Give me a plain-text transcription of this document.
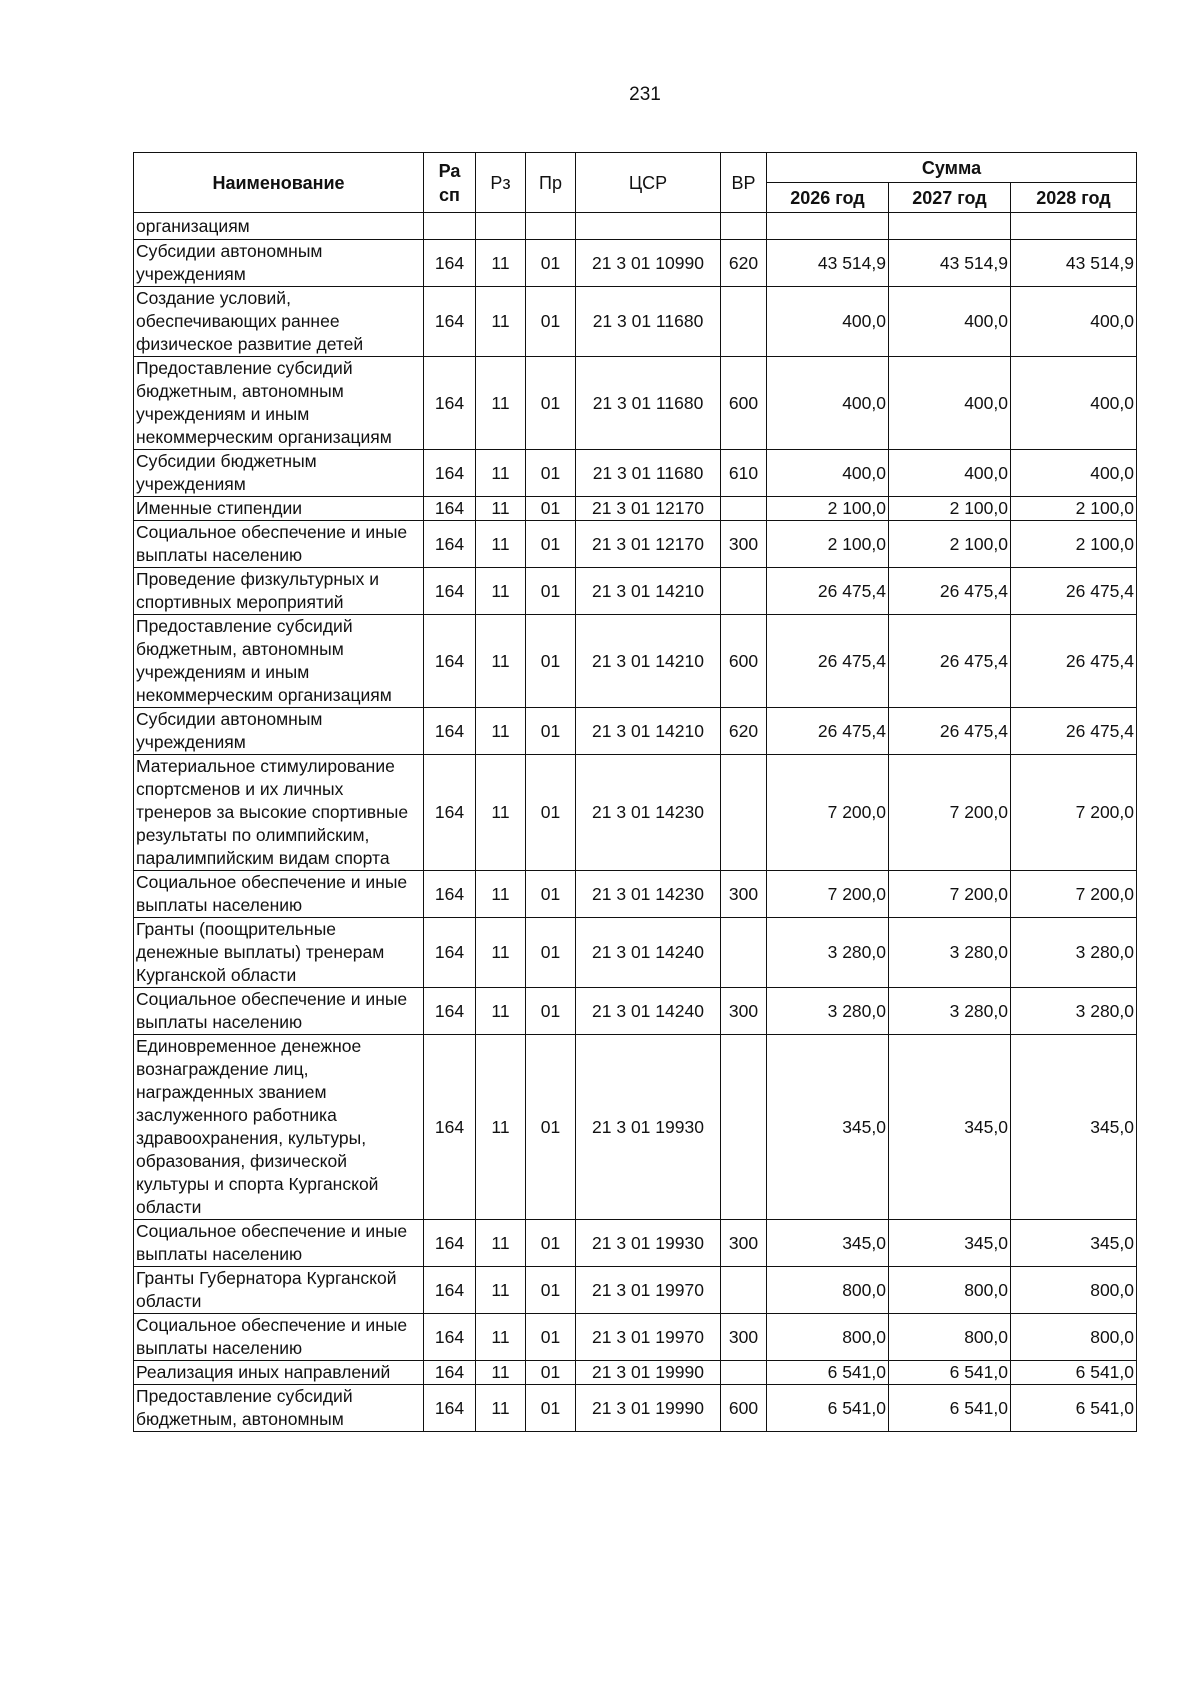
231
Наименование	Ра сп	Рз	Пр	ЦСР	ВР	Сумма		
						2026 год	2027 год	2028 год
организациям								
Субсидии автономным учреждениям	164	11	01	21 3 01 10990	620	43 514,9	43 514,9	43 514,9
Создание условий, обеспечивающих раннее физическое развитие детей	164	11	01	21 3 01 11680		400,0	400,0	400,0
Предоставление субсидий бюджетным, автономным учреждениям и иным некоммерческим организациям	164	11	01	21 3 01 11680	600	400,0	400,0	400,0
Субсидии бюджетным учреждениям	164	11	01	21 3 01 11680	610	400,0	400,0	400,0
Именные стипендии	164	11	01	21 3 01 12170		2 100,0	2 100,0	2 100,0
Социальное обеспечение и иные выплаты населению	164	11	01	21 3 01 12170	300	2 100,0	2 100,0	2 100,0
Проведение физкультурных и спортивных мероприятий	164	11	01	21 3 01 14210		26 475,4	26 475,4	26 475,4
Предоставление субсидий бюджетным, автономным учреждениям и иным некоммерческим организациям	164	11	01	21 3 01 14210	600	26 475,4	26 475,4	26 475,4
Субсидии автономным учреждениям	164	11	01	21 3 01 14210	620	26 475,4	26 475,4	26 475,4
Материальное стимулирование спортсменов и их личных тренеров за высокие спортивные результаты по олимпийским, паралимпийским видам спорта	164	11	01	21 3 01 14230		7 200,0	7 200,0	7 200,0
Социальное обеспечение и иные выплаты населению	164	11	01	21 3 01 14230	300	7 200,0	7 200,0	7 200,0
Гранты (поощрительные денежные выплаты) тренерам Курганской области	164	11	01	21 3 01 14240		3 280,0	3 280,0	3 280,0
Социальное обеспечение и иные выплаты населению	164	11	01	21 3 01 14240	300	3 280,0	3 280,0	3 280,0
Единовременное денежное вознаграждение лиц, награжденных званием заслуженного работника здравоохранения, культуры, образования, физической культуры и спорта Курганской области	164	11	01	21 3 01 19930		345,0	345,0	345,0
Социальное обеспечение и иные выплаты населению	164	11	01	21 3 01 19930	300	345,0	345,0	345,0
Гранты Губернатора Курганской области	164	11	01	21 3 01 19970		800,0	800,0	800,0
Социальное обеспечение и иные выплаты населению	164	11	01	21 3 01 19970	300	800,0	800,0	800,0
Реализация иных направлений	164	11	01	21 3 01 19990		6 541,0	6 541,0	6 541,0
Предоставление субсидий бюджетным, автономным	164	11	01	21 3 01 19990	600	6 541,0	6 541,0	6 541,0
